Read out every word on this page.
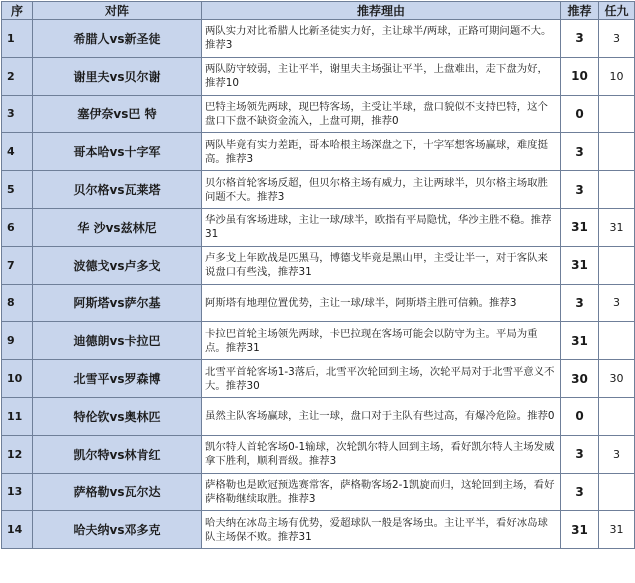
序	对阵	推荐理由	推荐	任九
1	希腊人vs新圣徒	两队实力对比希腊人比新圣徒实力好，主让球半/两球，正路可期问题不大。推荐3	3	3
2	谢里夫vs贝尔谢	两队防守较弱，主让平半，谢里夫主场强让平半，上盘难出，走下盘为好，推荐10	10	10
3	塞伊奈vs巴 特	巴特主场领先两球，现巴特客场，主受让半球，盘口貌似不支持巴特，这个盘口下盘不缺资金流入，上盘可期，推荐0	0	
4	哥本哈vs十字军	两队毕竟有实力差距，哥本哈根主场深盘之下，十字军想客场赢球，难度挺高。推荐3	3	
5	贝尔格vs瓦莱塔	贝尔格首轮客场反超，但贝尔格主场有威力，主让两球半，贝尔格主场取胜问题不大。推荐3	3	
6	华 沙vs兹林尼	华沙虽有客场进球，主让一球/球半，欧指有平局隐忧，华沙主胜不稳。推荐31	31	31
7	波德戈vs卢多戈	卢多戈上年欧战是匹黑马，博德戈毕竟是黑山甲，主受让半一，对于客队来说盘口有些浅，推荐31	31	
8	阿斯塔vs萨尔基	阿斯塔有地理位置优势，主让一球/球半，阿斯塔主胜可信赖。推荐3	3	3
9	迪德朗vs卡拉巴	卡拉巴首轮主场领先两球，卡巴拉现在客场可能会以防守为主。平局为重点。推荐31	31	
10	北雪平vs罗森博	北雪平首轮客场1-3落后，北雪平次轮回到主场，次轮平局对于北雪平意义不大。推荐30	30	30
11	特伦钦vs奥林匹	虽然主队客场赢球，主让一球，盘口对于主队有些过高，有爆冷危险。推荐0	0	
12	凯尔特vs林肯红	凯尔特人首轮客场0-1输球，次轮凯尔特人回到主场，看好凯尔特人主场发威拿下胜利，顺利晋级。推荐3	3	3
13	萨格勒vs瓦尔达	萨格勒也是欧冠预选赛常客，萨格勒客场2-1凯旋而归，这轮回到主场，看好萨格勒继续取胜。推荐3	3	
14	哈夫纳vs邓多克	哈夫纳在冰岛主场有优势，爱超球队一般是客场虫。主让平半，看好冰岛球队主场保不败。推荐31	31	31
